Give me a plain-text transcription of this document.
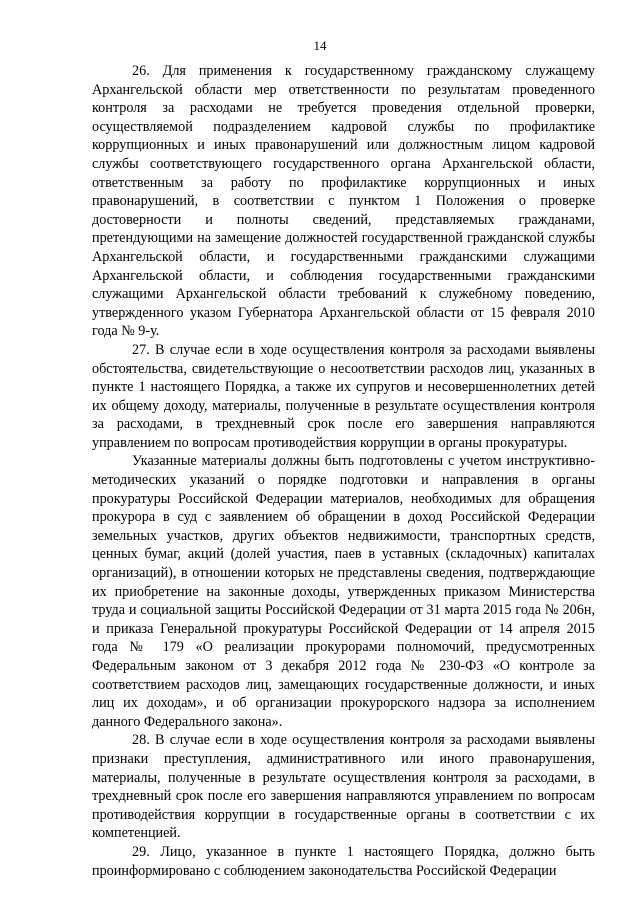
14

26. Для применения к государственному гражданскому служащему Архангельской области мер ответственности по результатам проведенного контроля за расходами не требуется проведения отдельной проверки, осуществляемой подразделением кадровой службы по профилактике коррупционных и иных правонарушений или должностным лицом кадровой службы соответствующего государственного органа Архангельской области, ответственным за работу по профилактике коррупционных и иных правонарушений, в соответствии с пунктом 1 Положения о проверке достоверности и полноты сведений, представляемых гражданами, претендующими на замещение должностей государственной гражданской службы Архангельской области, и государственными гражданскими служащими Архангельской области, и соблюдения государственными гражданскими служащими Архангельской области требований к служебному поведению, утвержденного указом Губернатора Архангельской области от 15 февраля 2010 года № 9-у.

27. В случае если в ходе осуществления контроля за расходами выявлены обстоятельства, свидетельствующие о несоответствии расходов лиц, указанных в пункте 1 настоящего Порядка, а также их супругов и несовершеннолетних детей их общему доходу, материалы, полученные в результате осуществления контроля за расходами, в трехдневный срок после его завершения направляются управлением по вопросам противодействия коррупции в органы прокуратуры.

Указанные материалы должны быть подготовлены с учетом инструктивно-методических указаний о порядке подготовки и направления в органы прокуратуры Российской Федерации материалов, необходимых для обращения прокурора в суд с заявлением об обращении в доход Российской Федерации земельных участков, других объектов недвижимости, транспортных средств, ценных бумаг, акций (долей участия, паев в уставных (складочных) капиталах организаций), в отношении которых не представлены сведения, подтверждающие их приобретение на законные доходы, утвержденных приказом Министерства труда и социальной защиты Российской Федерации от 31 марта 2015 года № 206н, и приказа Генеральной прокуратуры Российской Федерации от 14 апреля 2015 года № 179 «О реализации прокурорами полномочий, предусмотренных Федеральным законом от 3 декабря 2012 года № 230-ФЗ «О контроле за соответствием расходов лиц, замещающих государственные должности, и иных лиц их доходам», и об организации прокурорского надзора за исполнением данного Федерального закона».

28. В случае если в ходе осуществления контроля за расходами выявлены признаки преступления, административного или иного правонарушения, материалы, полученные в результате осуществления контроля за расходами, в трехдневный срок после его завершения направляются управлением по вопросам противодействия коррупции в государственные органы в соответствии с их компетенцией.

29. Лицо, указанное в пункте 1 настоящего Порядка, должно быть проинформировано с соблюдением законодательства Российской Федерации
